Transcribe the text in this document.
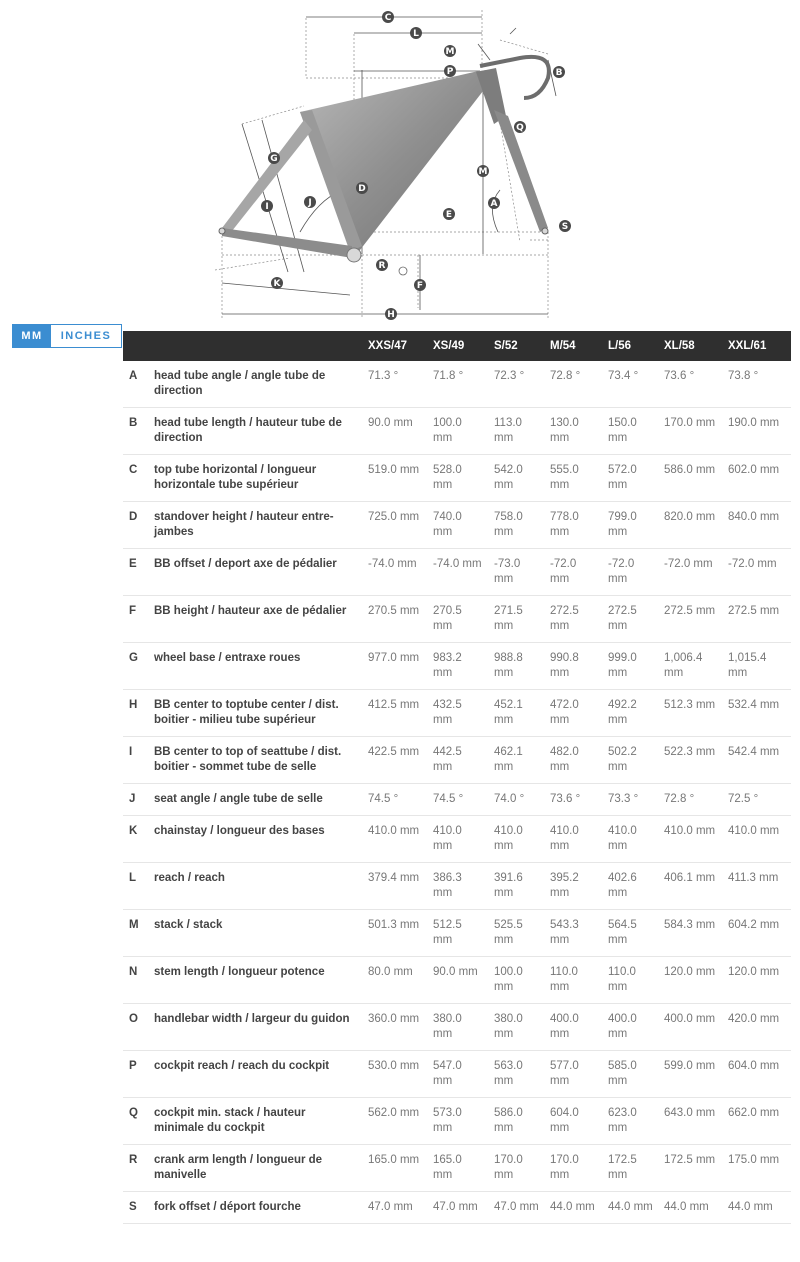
C
L
M
P	B
Q
G
M
D
J	A
I
E
S
R
K	F
H
MM	INCHES
		XXS/47	XS/49	S/52	M/54	L/56	XL/58	XXL/61
A	head tube angle / angle tube de direction	71.3 °	71.8 °	72.3 °	72.8 °	73.4 °	73.6 °	73.8 °
B	head tube length / hauteur tube de direction	90.0 mm	100.0 mm	113.0 mm	130.0 mm	150.0 mm	170.0 mm	190.0 mm
C	top tube horizontal / longueur horizontale tube supérieur	519.0 mm	528.0 mm	542.0 mm	555.0 mm	572.0 mm	586.0 mm	602.0 mm
D	standover height / hauteur entre-jambes	725.0 mm	740.0 mm	758.0 mm	778.0 mm	799.0 mm	820.0 mm	840.0 mm
E	BB offset / deport axe de pédalier	-74.0 mm	-74.0 mm	-73.0 mm	-72.0 mm	-72.0 mm	-72.0 mm	-72.0 mm
F	BB height / hauteur axe de pédalier	270.5 mm	270.5 mm	271.5 mm	272.5 mm	272.5 mm	272.5 mm	272.5 mm
G	wheel base / entraxe roues	977.0 mm	983.2 mm	988.8 mm	990.8 mm	999.0 mm	1,006.4 mm	1,015.4 mm
H	BB center to toptube center / dist. boitier - milieu tube supérieur	412.5 mm	432.5 mm	452.1 mm	472.0 mm	492.2 mm	512.3 mm	532.4 mm
I	BB center to top of seattube / dist. boitier - sommet tube de selle	422.5 mm	442.5 mm	462.1 mm	482.0 mm	502.2 mm	522.3 mm	542.4 mm
J	seat angle / angle tube de selle	74.5 °	74.5 °	74.0 °	73.6 °	73.3 °	72.8 °	72.5 °
K	chainstay / longueur des bases	410.0 mm	410.0 mm	410.0 mm	410.0 mm	410.0 mm	410.0 mm	410.0 mm
L	reach / reach	379.4 mm	386.3 mm	391.6 mm	395.2 mm	402.6 mm	406.1 mm	411.3 mm
M	stack / stack	501.3 mm	512.5 mm	525.5 mm	543.3 mm	564.5 mm	584.3 mm	604.2 mm
N	stem length / longueur potence	80.0 mm	90.0 mm	100.0 mm	110.0 mm	110.0 mm	120.0 mm	120.0 mm
O	handlebar width / largeur du guidon	360.0 mm	380.0 mm	380.0 mm	400.0 mm	400.0 mm	400.0 mm	420.0 mm
P	cockpit reach / reach du cockpit	530.0 mm	547.0 mm	563.0 mm	577.0 mm	585.0 mm	599.0 mm	604.0 mm
Q	cockpit min. stack / hauteur minimale du cockpit	562.0 mm	573.0 mm	586.0 mm	604.0 mm	623.0 mm	643.0 mm	662.0 mm
R	crank arm length / longueur de manivelle	165.0 mm	165.0 mm	170.0 mm	170.0 mm	172.5 mm	172.5 mm	175.0 mm
S	fork offset / déport fourche	47.0 mm	47.0 mm	47.0 mm	44.0 mm	44.0 mm	44.0 mm	44.0 mm
